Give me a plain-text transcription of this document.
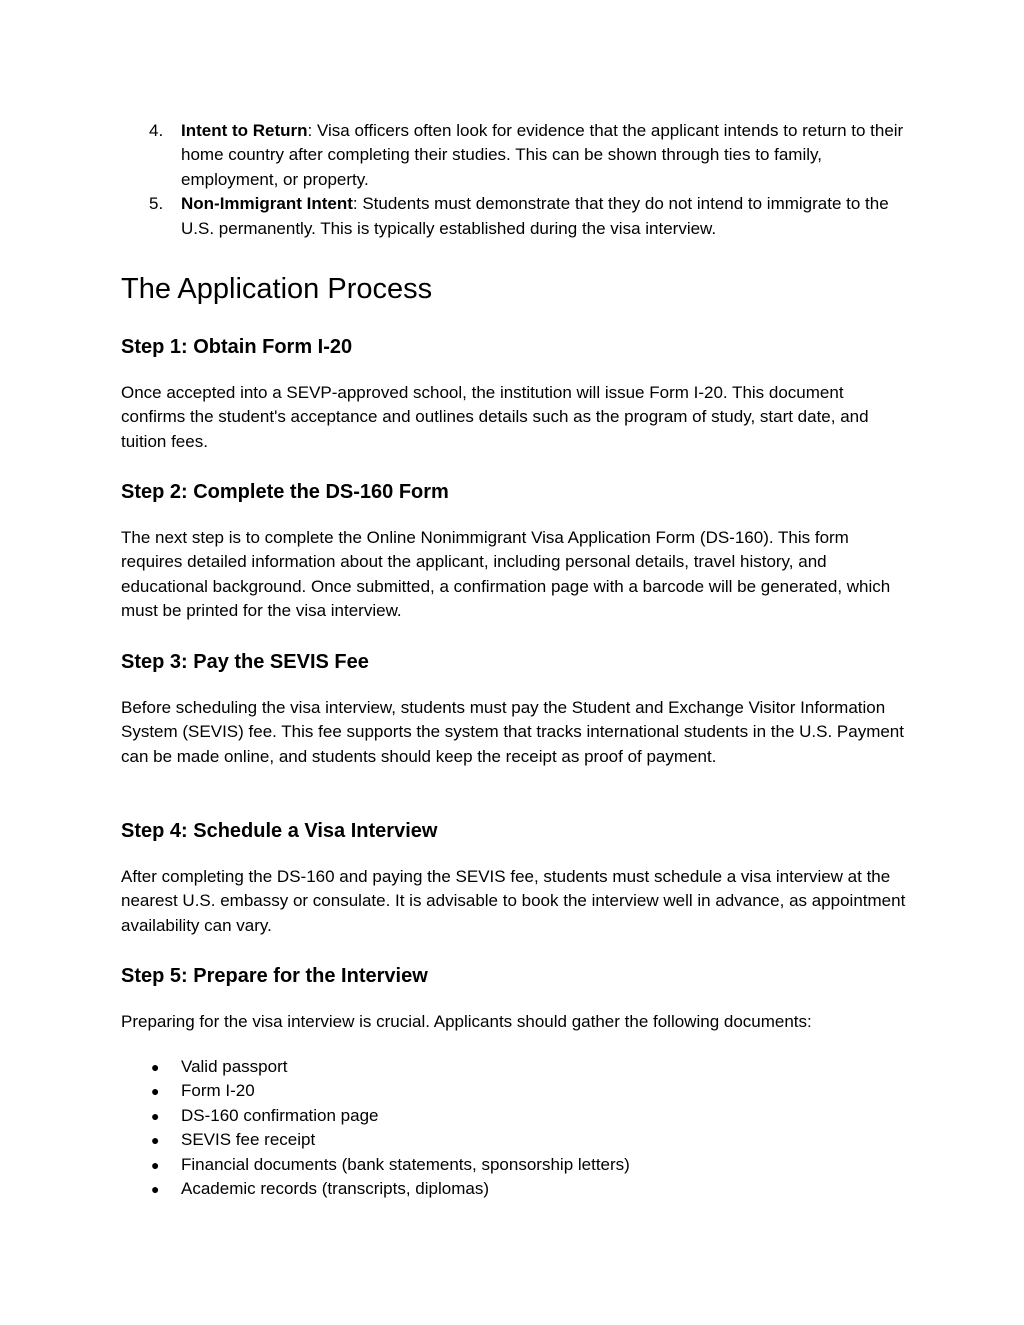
4. Intent to Return: Visa officers often look for evidence that the applicant intends to return to their home country after completing their studies. This can be shown through ties to family, employment, or property.
5. Non-Immigrant Intent: Students must demonstrate that they do not intend to immigrate to the U.S. permanently. This is typically established during the visa interview.
The Application Process
Step 1: Obtain Form I-20

Once accepted into a SEVP-approved school, the institution will issue Form I-20. This document confirms the student's acceptance and outlines details such as the program of study, start date, and tuition fees.

Step 2: Complete the DS-160 Form

The next step is to complete the Online Nonimmigrant Visa Application Form (DS-160). This form requires detailed information about the applicant, including personal details, travel history, and educational background. Once submitted, a confirmation page with a barcode will be generated, which must be printed for the visa interview.

Step 3: Pay the SEVIS Fee

Before scheduling the visa interview, students must pay the Student and Exchange Visitor Information System (SEVIS) fee. This fee supports the system that tracks international students in the U.S. Payment can be made online, and students should keep the receipt as proof of payment.

Step 4: Schedule a Visa Interview

After completing the DS-160 and paying the SEVIS fee, students must schedule a visa interview at the nearest U.S. embassy or consulate. It is advisable to book the interview well in advance, as appointment availability can vary.

Step 5: Prepare for the Interview

Preparing for the visa interview is crucial. Applicants should gather the following documents:

● Valid passport
● Form I-20
● DS-160 confirmation page
● SEVIS fee receipt
● Financial documents (bank statements, sponsorship letters)
● Academic records (transcripts, diplomas)
